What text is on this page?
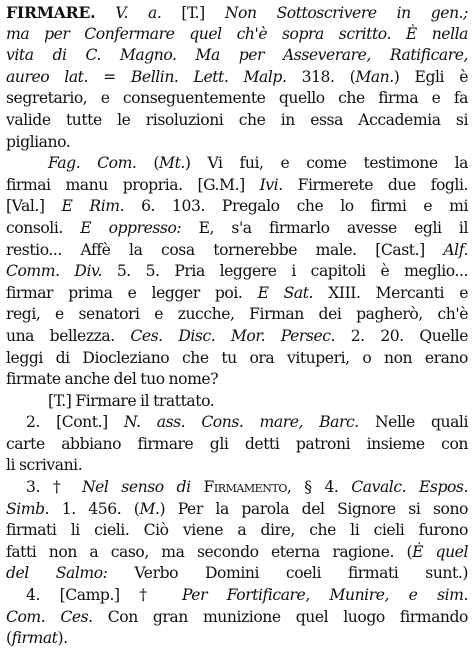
FIRMARE. V. a. [T.] Non Sottoscrivere in gen.;
ma per Confermare quel ch'è sopra scritto. È nella
vita di C. Magno. Ma per Asseverare, Ratificare,
aureo lat. = Bellin. Lett. Malp. 318. (Man.) Egli è
segretario, e conseguentemente quello che firma e fa
valide tutte le risoluzioni che in essa Accademia si
pigliano.
Fag. Com. (Mt.) Vi fui, e come testimone la
firmai manu propria. [G.M.] Ivi. Firmerete due fogli.
[Val.] E Rim. 6. 103. Pregalo che lo firmi e mi
consoli. E oppresso: E, s'a firmarlo avesse egli il
restio... Affè la cosa tornerebbe male. [Cast.] Alf.
Comm. Div. 5. 5. Pria leggere i capitoli è meglio...
firmar prima e legger poi. E Sat. XIII. Mercanti e
regi, e senatori e zucche, Firman dei pagherò, ch'è
una bellezza. Ces. Disc. Mor. Persec. 2. 20. Quelle
leggi di Diocleziano che tu ora vituperi, o non erano
firmate anche del tuo nome?
[T.] Firmare il trattato.
2. [Cont.] N. ass. Cons. mare, Barc. Nelle quali
carte abbiano firmare gli detti patroni insieme con
li scrivani.
3. † Nel senso di Firmamento, § 4. Cavalc. Espos.
Simb. 1. 456. (M.) Per la parola del Signore si sono
firmati li cieli. Ciò viene a dire, che li cieli furono
fatti non a caso, ma secondo eterna ragione. (È quel
del Salmo: Verbo Domini coeli firmati sunt.)
4. [Camp.] † Per Fortificare, Munire, e sim.
Com. Ces. Con gran munizione quel luogo firmando
(firmat).
